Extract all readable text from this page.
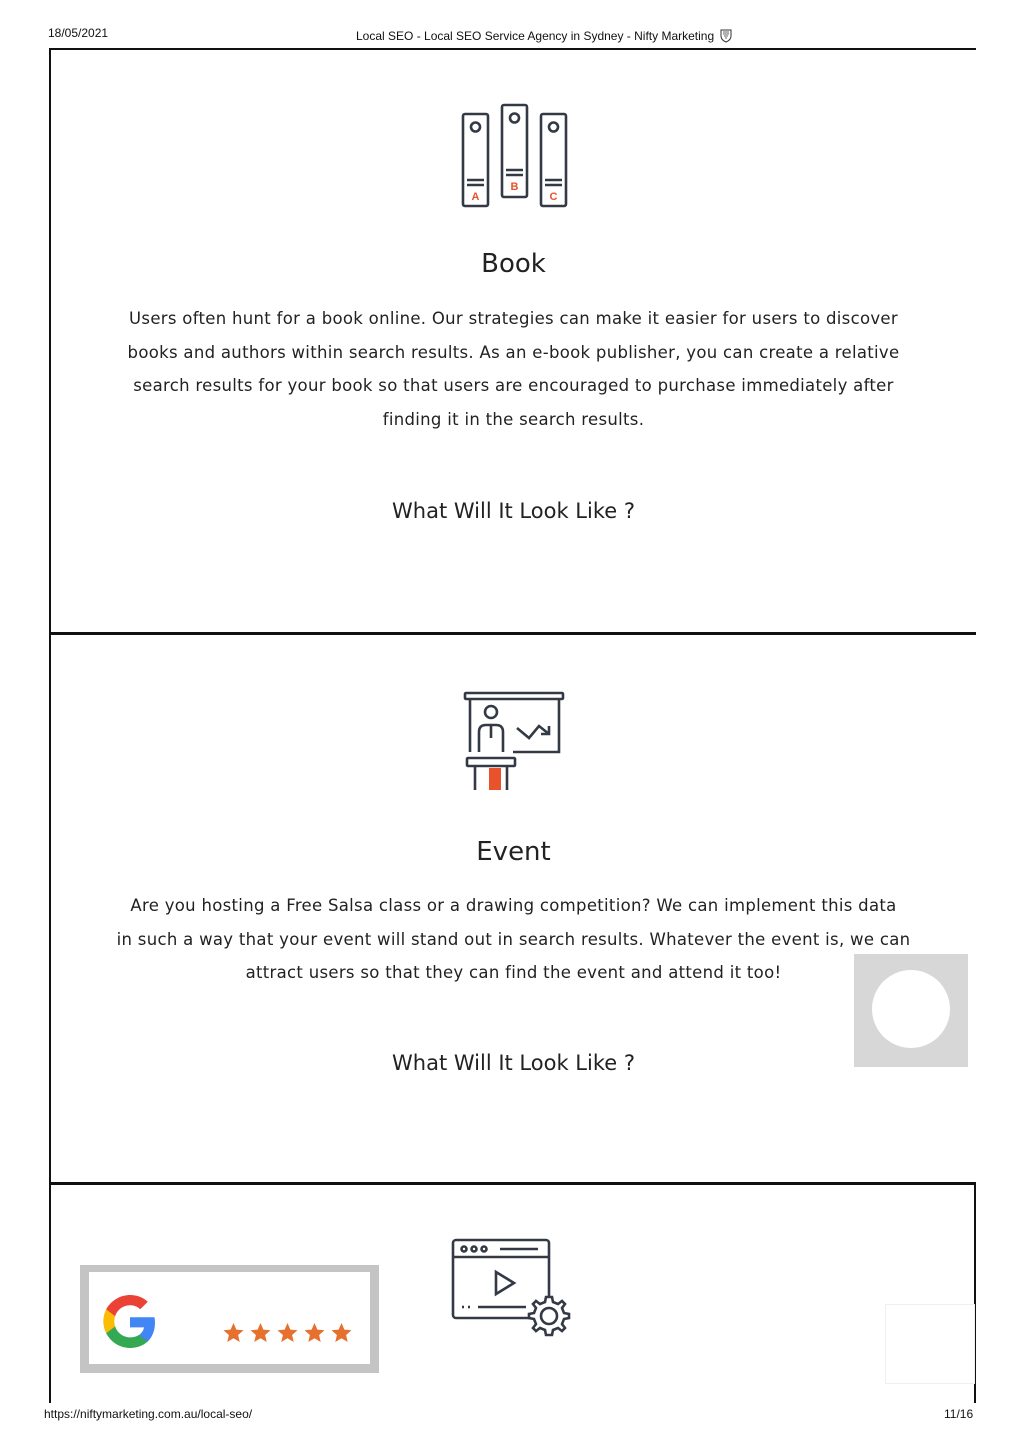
18/05/2021	Local SEO - Local SEO Service Agency in Sydney - Nifty Marketing
A
B
C
Book
Users often hunt for a book online. Our strategies can make it easier for users to discover
books and authors within search results. As an e-book publisher, you can create a relative
search results for your book so that users are encouraged to purchase immediately after
finding it in the search results.
What Will It Look Like ?
Event
Are you hosting a Free Salsa class or a drawing competition? We can implement this data
in such a way that your event will stand out in search results. Whatever the event is, we can
attract users so that they can find the event and attend it too!
What Will It Look Like ?
https://niftymarketing.com.au/local-seo/	11/16
